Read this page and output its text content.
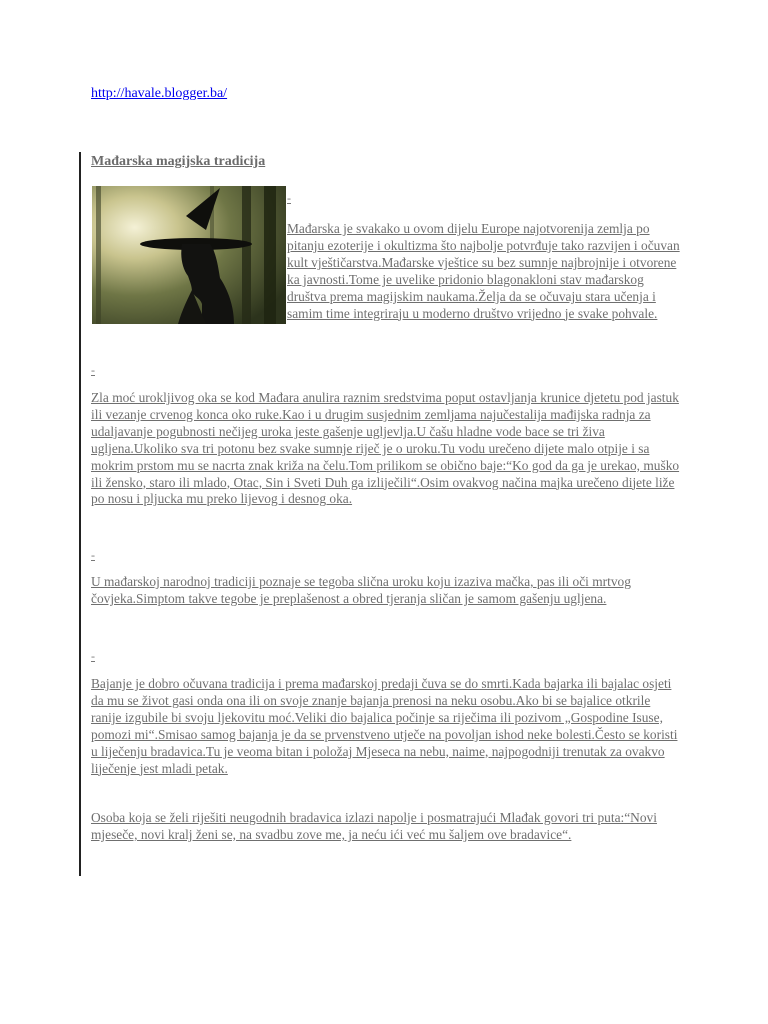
http://havale.blogger.ba/
Mađarska magijska tradicija
-

Mađarska je svakako u ovom dijelu Europe najotvorenija zemlja po pitanju ezoterije i okultizma što najbolje potvrđuje tako razvijen i očuvan kult vještičarstva.Mađarske vještice su bez sumnje najbrojnije i otvorene ka javnosti.Tome je uvelike pridonio blagonakloni stav mađarskog društva prema magijskim naukama.Želja da se očuvaju stara učenja i samim time integriraju u moderno društvo vrijedno je svake pohvale.

-

Zla moć urokljivog oka se kod Mađara anulira raznim sredstvima poput ostavljanja krunice djetetu pod jastuk ili vezanje crvenog konca oko ruke.Kao i u drugim susjednim zemljama najučestalija mađijska radnja za udaljavanje pogubnosti nečijeg uroka jeste gašenje ugljevlja.U čašu hladne vode bace se tri živa ugljena.Ukoliko sva tri potonu bez svake sumnje riječ je o uroku.Tu vodu urečeno dijete malo otpije i sa mokrim prstom mu se nacrta znak križa na čelu.Tom prilikom se obično baje:“Ko god da ga je urekao, muško ili žensko, staro ili mlado, Otac, Sin i Sveti Duh ga izliječili“.Osim ovakvog načina majka urečeno dijete liže po nosu i pljucka mu preko lijevog i desnog oka.

-

U mađarskoj narodnoj tradiciji poznaje se tegoba slična uroku koju izaziva mačka, pas ili oči mrtvog čovjeka.Simptom takve tegobe je preplašenost a obred tjeranja sličan je samom gašenju ugljena.

-

Bajanje je dobro očuvana tradicija i prema mađarskoj predaji čuva se do smrti.Kada bajarka ili bajalac osjeti da mu se život gasi onda ona ili on svoje znanje bajanja prenosi na neku osobu.Ako bi se bajalice otkrile ranije izgubile bi svoju ljekovitu moć.Veliki dio bajalica počinje sa riječima ili pozivom „Gospodine Isuse, pomozi mi“.Smisao samog bajanja je da se prvenstveno utječe na povoljan ishod neke bolesti.Često se koristi u liječenju bradavica.Tu je veoma bitan i položaj Mjeseca na nebu, naime, najpogodniji trenutak za ovakvo liječenje jest mladi petak.

Osoba koja se želi riješiti neugodnih bradavica izlazi napolje i posmatrajući Mlađak govori tri puta:“Novi mjeseče, novi kralj ženi se, na svadbu zove me, ja neću ići već mu šaljem ove bradavice“.
